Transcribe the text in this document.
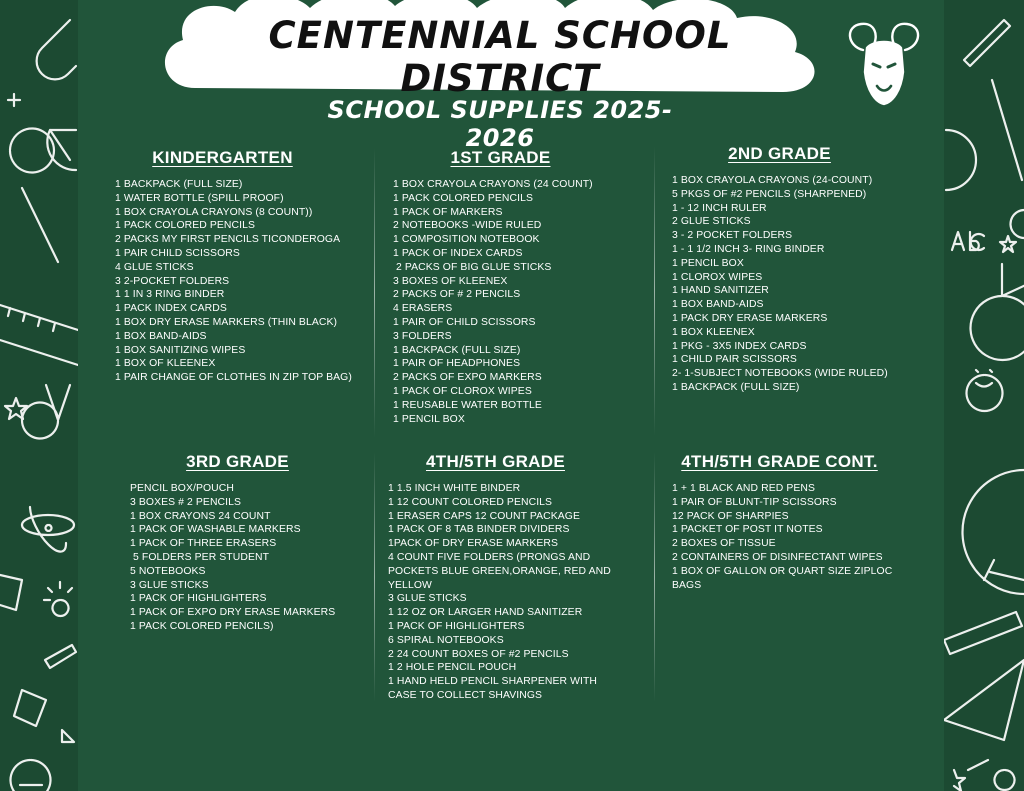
CENTENNIAL SCHOOL DISTRICT
SCHOOL SUPPLIES 2025-2026
KINDERGARTEN
1 BACKPACK (FULL SIZE)
1 WATER BOTTLE (SPILL PROOF)
1 BOX CRAYOLA CRAYONS (8 COUNT))
1 PACK COLORED PENCILS
2 PACKS MY FIRST PENCILS TICONDEROGA
1 PAIR CHILD SCISSORS
4 GLUE STICKS
3 2-POCKET FOLDERS
1 1 IN 3 RING BINDER
1 PACK INDEX CARDS
1 BOX DRY ERASE MARKERS (THIN BLACK)
1 BOX BAND-AIDS
1 BOX SANITIZING WIPES
1 BOX OF KLEENEX
1 PAIR CHANGE OF CLOTHES IN ZIP TOP BAG)
1ST GRADE
1 BOX CRAYOLA CRAYONS (24 COUNT)
1 PACK COLORED PENCILS
1 PACK OF MARKERS
2 NOTEBOOKS -WIDE RULED
1 COMPOSITION NOTEBOOK
1 PACK OF INDEX CARDS
2 PACKS OF BIG GLUE STICKS
3 BOXES OF KLEENEX
2 PACKS OF # 2 PENCILS
4 ERASERS
1 PAIR OF CHILD SCISSORS
3 FOLDERS
1 BACKPACK (FULL SIZE)
1 PAIR OF HEADPHONES
2 PACKS OF EXPO MARKERS
1 PACK OF CLOROX WIPES
1 REUSABLE WATER BOTTLE
1 PENCIL BOX
2ND GRADE
1 BOX CRAYOLA CRAYONS (24-COUNT)
5 PKGS OF #2 PENCILS (SHARPENED)
1 - 12 INCH RULER
2 GLUE STICKS
3 - 2 POCKET FOLDERS
1 - 1 1/2 INCH 3- RING BINDER
1 PENCIL BOX
1 CLOROX WIPES
1 HAND SANITIZER
1 BOX BAND-AIDS
1 PACK DRY ERASE MARKERS
1 BOX KLEENEX
1 PKG - 3X5 INDEX CARDS
1 CHILD PAIR SCISSORS
2- 1-SUBJECT NOTEBOOKS (WIDE RULED)
1 BACKPACK (FULL SIZE)
3RD GRADE
PENCIL BOX/POUCH
3 BOXES # 2 PENCILS
1 BOX CRAYONS 24 COUNT
1 PACK OF WASHABLE MARKERS
1 PACK OF THREE ERASERS
5 FOLDERS PER STUDENT
5 NOTEBOOKS
3 GLUE STICKS
1 PACK OF HIGHLIGHTERS
1 PACK OF EXPO DRY ERASE MARKERS
1 PACK COLORED PENCILS)
4TH/5TH GRADE
1 1.5 INCH WHITE BINDER
1 12 COUNT COLORED PENCILS
1 ERASER CAPS 12 COUNT PACKAGE
1 PACK OF 8 TAB BINDER DIVIDERS
1PACK OF DRY ERASE MARKERS
4 COUNT FIVE FOLDERS (PRONGS AND POCKETS BLUE GREEN,ORANGE, RED AND YELLOW
3 GLUE STICKS
1 12 OZ OR LARGER HAND SANITIZER
1 PACK OF HIGHLIGHTERS
6 SPIRAL NOTEBOOKS
2 24 COUNT BOXES OF #2 PENCILS
1 2 HOLE PENCIL POUCH
1 HAND HELD PENCIL SHARPENER WITH CASE TO COLLECT SHAVINGS
4TH/5TH GRADE CONT.
1 + 1 BLACK AND RED PENS
1 PAIR OF BLUNT-TIP SCISSORS
12 PACK OF SHARPIES
1 PACKET OF POST IT NOTES
2 BOXES OF TISSUE
2 CONTAINERS OF DISINFECTANT WIPES
1 BOX OF GALLON OR QUART SIZE ZIPLOC BAGS
